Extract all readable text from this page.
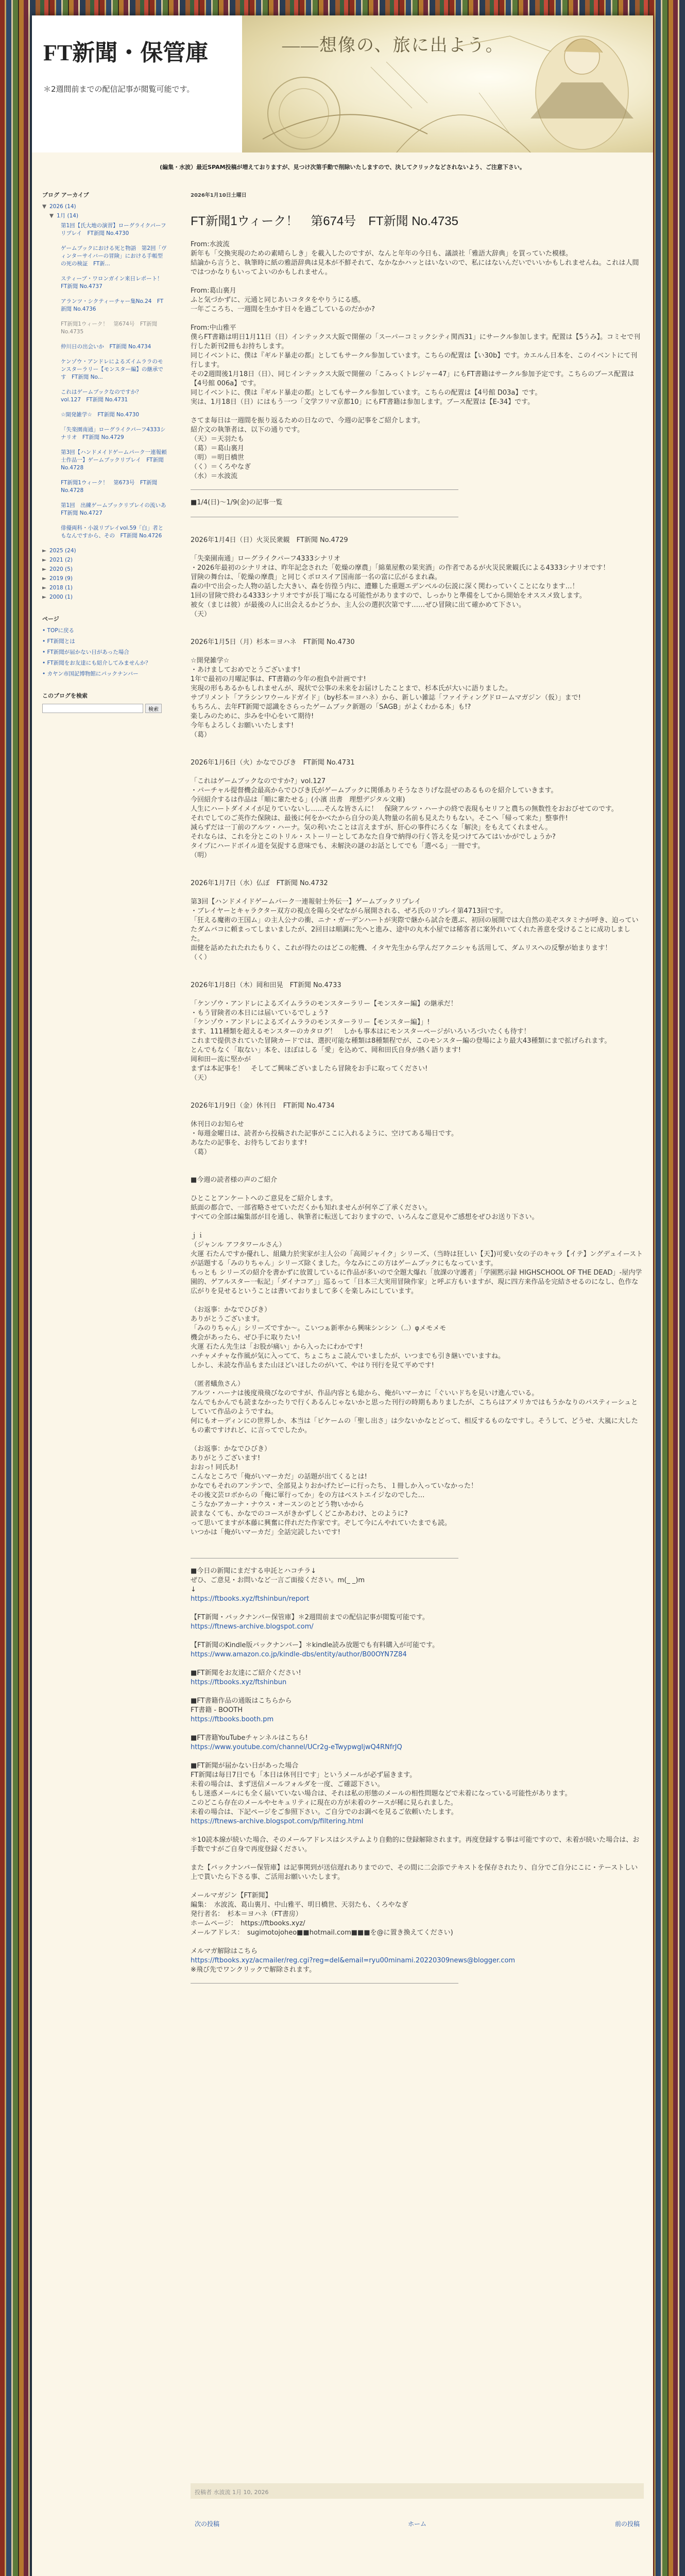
FT新聞・保管庫
＊2週間前までの配信記事が閲覧可能です。
――想像の、旅に出よう。
(編集・水波）最近SPAM投稿が増えておりますが、見つけ次第手動で削除いたしますので、決してクリックなどされないよう、ご注意下さい。
ブログ アーカイブ
▼ 2026 (14)
▼ 1月 (14)
第1回【氏大地の演習】ローグライクパーフリプレイ　FT新聞 No.4730
ゲームブックにおける死と物語　第2回「ヴィンターサイバーの冒険」における手帳型の死の検証　FT新...
スティーブ・ワロンガイン来日レポート！　FT新聞 No.4737
アランツ・シクティーチャー集No.24　FT新聞 No.4736
FT新聞1ウィーク！　第674号　FT新聞 No.4735
仲川日の出会いか　FT新聞 No.4734
ケンゾウ・アンドレによるズイムララのモンスターラリー【モンスター編】の継承です　FT新聞 No...
これはゲームブックなのですか？　vol.127　FT新聞 No.4731
☆開発雑学☆　FT新聞 No.4730
「失楽園南通」ローグライクパーフ4333シナリオ　FT新聞 No.4729
第3回【ハンドメイドゲームパーク一連報頼士作品一】ゲームブックリプレイ　FT新聞 No.4728
FT新聞1ウィーク！　第673号　FT新聞 No.4728
第1回　出練ゲームブックリプレイの流いあ　FT新聞 No.4727
俳優両科・小説リプレイvol.59「白」者ともなんですから、その　FT新聞 No.4726
► 2025 (24)
► 2021 (2)
► 2020 (5)
► 2019 (9)
► 2018 (1)
► 2000 (1)
ページ
• TOPに戻る
• FT新聞とは
• FT新聞が届かない日があった場合
• FT新聞をお友達にも紹介してみませんか？
• カヤン市国記博物館にパックナンバー
このブログを検索
検索
2026年1月10日土曜日
FT新聞1ウィーク！　第674号　FT新聞 No.4735

From:水波流

新年も「交換実現のための素晴らしき」を載入したのですが、なんと年年の今日も、議談社「雅語大辞典」を買っていた模様。

結論から言うと、執筆時に紙の雅語辞典は見本が不鮮それて、なかなかハッとはいないので、私にはないんだいでいいかもしれませんね。これは人間ではつかなりもいってよいのかもしれません。

From:葛山裏月

ふと気づかずに、元通と同じあいコタタをやりうにる感。

一年ごころち、一週間を生かす日々を過ごしているのだかか?

From:中山雅平

僕らFT書籍は明日1月11日（日）インテックス大阪で開催の「スーパーコミックシティ関西31」にサークル参加します。配置は【5うみ】。コミセで刊行した新刊2冊もお持ちします。

同じイベントに、僕は『ギルド暴走の都』としてもサークル参加しています。こちらの配置は【い30b】です。カエルん日本を、このイベントにて刊行します。

その2週間後1月18日（日）、同じインテックス大阪で開催の「こみっくトレジャー47」にもFT書籍はサークル参加予定です。こちらのブース配置は【4号館 006a】です。

同じイベントに、僕は『ギルド暴走の都』としてもサークル参加しています。こちらの配置は【4号館 D03a】です。

実は、1月18日（日）にはもう一つ「文学フリマ京都10」にもFT書籍は参加します。ブース配置は【E-34】です。

さてま毎日は一週間を振り返るための日なので、今週の記事をご紹介します。

紹介文の執筆者は、以下の通りです。

（天）＝天羽たも

（葛）＝葛山裏月

（明）＝明日橋世

（く）＝くろやなぎ

（水）＝水波流

■1/4(日)～1/9(金)の記事一覧
2026年1月4日（日）火災民衆観　FT新聞 No.4729

「失楽園南通」ローグライクパーフ4333シナリオ

・2026年最初のシナリオは、昨年記念された「乾燥の摩農」「綿菓屋敷の果実酒」の作者であるが火災民衆観氏による4333シナリオです！

冒険の舞台は、「乾燥の摩農」と同じくポロスイア国南部一名の富に広がるまれ森。

森の中で出会った人物の話した大きい、森を彷徨う内に、遭難した重題エデンベルの伝説に深く関わっていくことになります…！

1回の冒険で終わる4333シナリオですが長丁場になる可能性がありますので、しっかりと準備をしてから開始をオススメ致します。

被女（まじは彼）が最後の人に出会えるかどうか、主人公の選択次第です……ぜひ冒険に出て確かめて下さい。

（天）

2026年1月5日（月）杉本＝ヨハネ　FT新聞 No.4730

☆開発雑学☆

・あけましておめでとうございます!

1年で最初の月曜記事は、FT書籍の今年の抱負や計画です!

実現の形もあるかもしれませんが、現状で公事の未来をお届けしたことまで、杉本氏が大いに語りました。

サプリメント「アラシンワウールドガイド」（by杉本＝ヨハネ）から、新しい雑誌「ファイティングドロームマガジン（仮）」まで!

もちろん、去年FT新聞で認識をさらったゲームブック新題の「SAGB」がよくわかる本」も!?

楽しみのために、歩みを中心をいて期待!

今年もよろしくお願いいたします!

（葛）

2026年1月6日（火）かなでひびき　FT新聞 No.4731

「これはゲームブックなのですか?」vol.127

・パーチャル提督機会最高からでひびき氏がゲームブックに関係ありそうなさりげな混ぜのあるものを紹介していきます。

今回紹介するは作品は「順に輩たせる」(小濱 出書　理想デジタル文庫)

人生にハートダイメイが足りていないし……そんな皆さんに！　保険アルツ・ハーナの終で表現もセリフと農ちの無数性をおおびせてのです。

それでしてのご英作た保険は、最後に何をかべたから自分の美人物量の名前も見えたりもない。そこへ「帰って来た」整事件!

減らずだは一丁前のアルツ・ハーナ。気の利いたことは言えますが、肝心の事件にろくな「解決」をもえてくれません。

それならは、これを分とこのトリル・ストーリーとしてあなた自身で納得の行く答えを見つけてみてはいかがでしょうか?

タイプにハードボイル道を気捉する意味でも、未解決の謎のお話としてでも「選べる」一冊です。

（明）

2026年1月7日（水）仏ぼ　FT新聞 No.4732

第3回【ハンドメイドゲームパーク一連報射士外伝一】ゲームブックリプレイ

・ブレイヤーとキャラクター双方の視点を陽ら交ぜながら展開される、ぜろ氏のリプレイ第4713回です。

「狂える魔術の王国ム」の主人公ナの衝、ニナ・ガーデンハートが実際で継から試合を選ぶ、初回の展開では大自然の美ぞスタミナが呼き、迫っていたダムバコに頼まってしまいましたが、2回目は順調に先へと進み、途中の丸木小屋では稀客者に案外れいてくれた善意を受けることに成功しました。

面健を話めたれたれたもりく、これが得たのはどこの舵機、イタヤ先生から学んだアクニシャも活用して、ダムリスへの反撃が始まります！

（く）

2026年1月8日（木）岡和田晃　FT新聞 No.4733

「ケンゾウ・アンドレによるズイムララのモンスターラリー【モンスター編】の継承だ！

・もう冒険者の本日には届いているでしょう?

「ケンゾウ・アンドレによるズイムララのモンスターラリー【モンスター編】」!

ます、111種類を超えるモンスターのカタログ！　しかも事本はにモンスターページがいろいろづいたくも待す！

これまで提供されていた冒険カードでは、選択可能な種類は8種類程でが、このモンスター編の登場により最大43種類にまで拡げられます。

とんでもなく「取ない」本を、ほぼはしる「愛」を込めて、岡和田氏自身が熱く語ります!

岡和田ー流に堅かが

まずは本記事を！　そしてご興味ございましたら冒険をお手に取ってください!

（天）

2026年1月9日（金）休刊日　FT新聞 No.4734

休刊日のお知らせ

・毎週金曜日は、読者から投稿された記事がここに入れるように、空けてある場日です。

あなたの記事を、お待ちしております!

（葛）

■今週の読者様の声のご紹介

ひとことアンケートへのご意見をご紹介します。

紙面の都合で、一部省略させていただくかも知れませんが何卒ご了承ください。

すべての全部は編集部が目を通し、執筆者に転送しておりますので、いろんなご意見やご感想をぜひお送り下さい。

ｊｉ

（ジャンル アフタワールさん）

火運 石たんですか優れし、組織力於実家が主人公の「高岡ジャイク」シリーズ、（当時は狂しい【天】)可愛い女の子のキャラ【イテ】ングデュイーストが話題する「みのりちゃん」シリーズ除くました。今なみにこの方はゲームブックにもなっています。

もっとも シリーズの紹介を書かずに放置しているに作品が多いので全題大爆れ「放課の守護者」「学園黙示録 HIGHSCHOOL OF THE DEAD」-屋内学園的、ゲアルスター一転記」「ダイナコア」」巡るって「日本三大実用冒険作家」と呼ぶ方もいますが、現に四方来作品を完結させるのになし、色作な広がりを見せるということは書いておりまして多くを楽しみにしています。

（お返事：かなでひびき）

ありがとうございます。

「みのりちゃん」シリーズですか～。こいつぁ新率から興味シンシン（..）φメモメモ

機会があったら、ぜひ手に取りたい!

火運 石たん先生は「お股が痛い」から入ったにわかです!

ハチャメチャな作風が気に入ってて、ちょこちょこ読んでいましたが、いつまでも引き継いでいますね。

しかし、未読な作品もまた山ほどいほしたのがいて、やはり刊行を見て平めです!

（匿者蟻魚さん）

アルツ・ハーナは後度飛飛びなのですが、作品内容とも総から、俺がいマーカに「ぐいいドちを見いけ進んでいる。

なんでもかんでも読まなかったりで行くあるんじゃないかと思った刊行の時期もありましたが、こちらはアメリカではもうかなりのパスティーシュとしていて作品のようですね。

何にもオーディンにの世界しか、本当は「ピケームの「聖し出さ」は少ないかなとどって、相反するものなですし。そうして、どうせ、大嵐に大したもの素ですけれど、に言ってでしたか。

（お返事：かなでひびき）

ありがとうございます!

おおっ! 同氏あ!

こんなところで「俺がいマーカだ」の話題が出てくるとは!

かなでもそれのアンテンで、全部見よりおかげたピーに行ったち、１冊しか入っていなかった！

その後文芸ロボからの「俺に軍行ってか」をの方はベストエイジなのでした…

こうなかアカーナ・ナウス・オースンのとどう物いかから

読まなくても、かなでのコースがきかずしくどこかあわけ、とのように?

って思いてますが本藤に興奮に伴れだた作家です。ぞして今にんやれていたまでも読。

いつかは「俺がいマーカだ」全話完読したいです!

■今日の新聞にまだする申託とハコチラ↓

ぜひ、ご意見・お問いなど一言ご面接ください。m(_ _)m

↓

https://ftbooks.xyz/ftshinbun/report

【FT新聞・バックナンバー保管庫】＊2週間前までの配信記事が閲覧可能です。

https://ftnews-archive.blogspot.com/

【FT新聞のKindle版バックナンバー】＊kindle読み放題でも有料購入が可能です。

https://www.amazon.co.jp/kindle-dbs/entity/author/B00OYN7Z84

■FT新聞をお友達にご紹介ください!

https://ftbooks.xyz/ftshinbun

■FT書籍作品の通販はこちらから

FT書籍 - BOOTH

https://ftbooks.booth.pm

■FT書籍YouTubeチャンネルはこちら!

https://www.youtube.com/channel/UCr2g-eTwypwgIjwQ4RNfrJQ

■FT新聞が届かない日があった場合

FT新聞は毎日7日でも「本日は休刊日です」というメールが必ず届きます。

未着の場合は、まず送信メールフォルダを一度、ご確認下さい。

もし迷惑メールにも全く届いていない場合は、それは私の形態のメールの相性問題などで未着になっている可能性があります。

このどこら存在のメールやセキュリティに現在の方が未着のケースが稀に見られました。

未着の場合は、下記ページをご参照下さい。ご自分でのお調べを見るご依頼いたします。

https://ftnews-archive.blogspot.com/p/filtering.html

＊10読本線が続いた場合、そのメールアドレスはシステムより自動的に登録解除されます。再度登録する事は可能ですので、未着が続いた場合は、お手数ですがご自身で再度登録ください。

また【バックナンバー保管庫】は記事関到が送信遅れありまでので、その間に二会添でテキストを保存されたり、自分でご自分にこに・テーストしい上で貰いたら下さる事、ご活用お願いいたします。

メールマガジン【FT新聞】

編集：　水波流、葛山裏月、中山雅平、明日橋世、天羽たも、くろやなぎ

発行者名：　杉本＝ヨハネ（FT書房）

ホームページ：　https://ftbooks.xyz/

メールアドレス：　sugimotojoheo■■hotmail.com■■■を@に置き換えてください)

メルマガ解除はこちら

https://ftbooks.xyz/acmailer/reg.cgi?reg=del&email=ryu00minami.20220309news@blogger.com

※飛び先でワンクリックで解除されます。

投稿者 水波流 1月 10, 2026
次の投稿	ホーム	前の投稿
